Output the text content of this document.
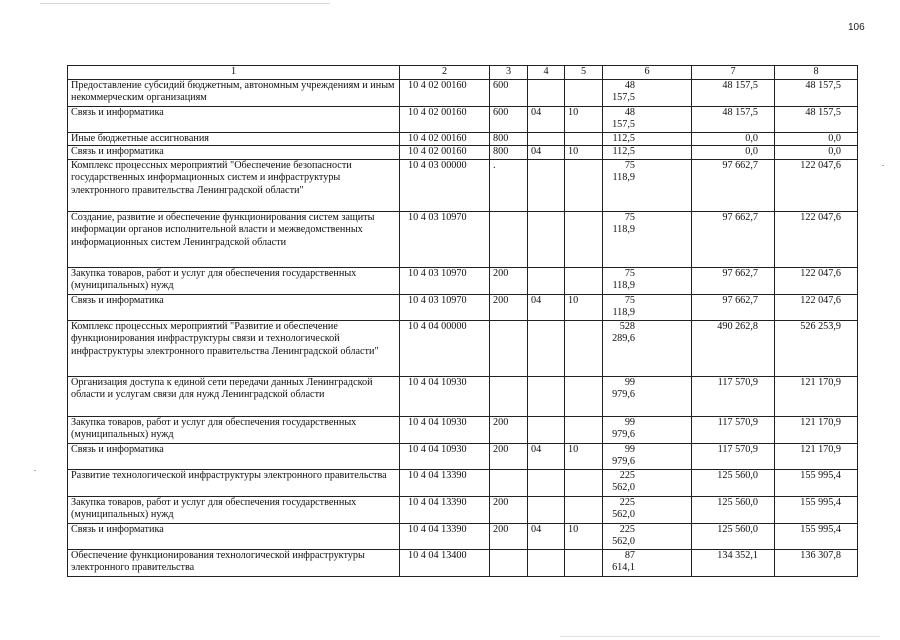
106
1	2	3	4	5	6	7	8
Предоставление субсидий бюджетным, автономным учреждениям и иным некоммерческим организациям	10 4 02 00160	600			48 157,5	48 157,5	48 157,5
Связь и информатика	10 4 02 00160	600	04	10	48 157,5	48 157,5	48 157,5
Иные бюджетные ассигнования	10 4 02 00160	800			112,5	0,0	0,0
Связь и информатика	10 4 02 00160	800	04	10	112,5	0,0	0,0
Комплекс процессных мероприятий "Обеспечение безопасности государственных информационных систем и инфраструктуры электронного правительства Ленинградской области"	10 4 03 00000	.			75 118,9	97 662,7	122 047,6
Создание, развитие и обеспечение функционирования систем защиты информации органов исполнительной власти и межведомственных информационных систем Ленинградской области	10 4 03 10970				75 118,9	97 662,7	122 047,6
Закупка товаров, работ и услуг для обеспечения государственных (муниципальных) нужд	10 4 03 10970	200			75 118,9	97 662,7	122 047,6
Связь и информатика	10 4 03 10970	200	04	10	75 118,9	97 662,7	122 047,6
Комплекс процессных мероприятий "Развитие и обеспечение функционирования инфраструктуры связи и технологической инфраструктуры электронного правительства Ленинградской области"	10 4 04 00000				528 289,6	490 262,8	526 253,9
Организация доступа к единой сети передачи данных Ленинградской области и услугам связи для нужд Ленинградской области	10 4 04 10930				99 979,6	117 570,9	121 170,9
Закупка товаров, работ и услуг для обеспечения государственных (муниципальных) нужд	10 4 04 10930	200			99 979,6	117 570,9	121 170,9
Связь и информатика	10 4 04 10930	200	04	10	99 979,6	117 570,9	121 170,9
Развитие технологической инфраструктуры электронного правительства	10 4 04 13390				225 562,0	125 560,0	155 995,4
Закупка товаров, работ и услуг для обеспечения государственных (муниципальных) нужд	10 4 04 13390	200			225 562,0	125 560,0	155 995,4
Связь и информатика	10 4 04 13390	200	04	10	225 562,0	125 560,0	155 995,4
Обеспечение функционирования технологической инфраструктуры электронного правительства	10 4 04 13400				87 614,1	134 352,1	136 307,8
